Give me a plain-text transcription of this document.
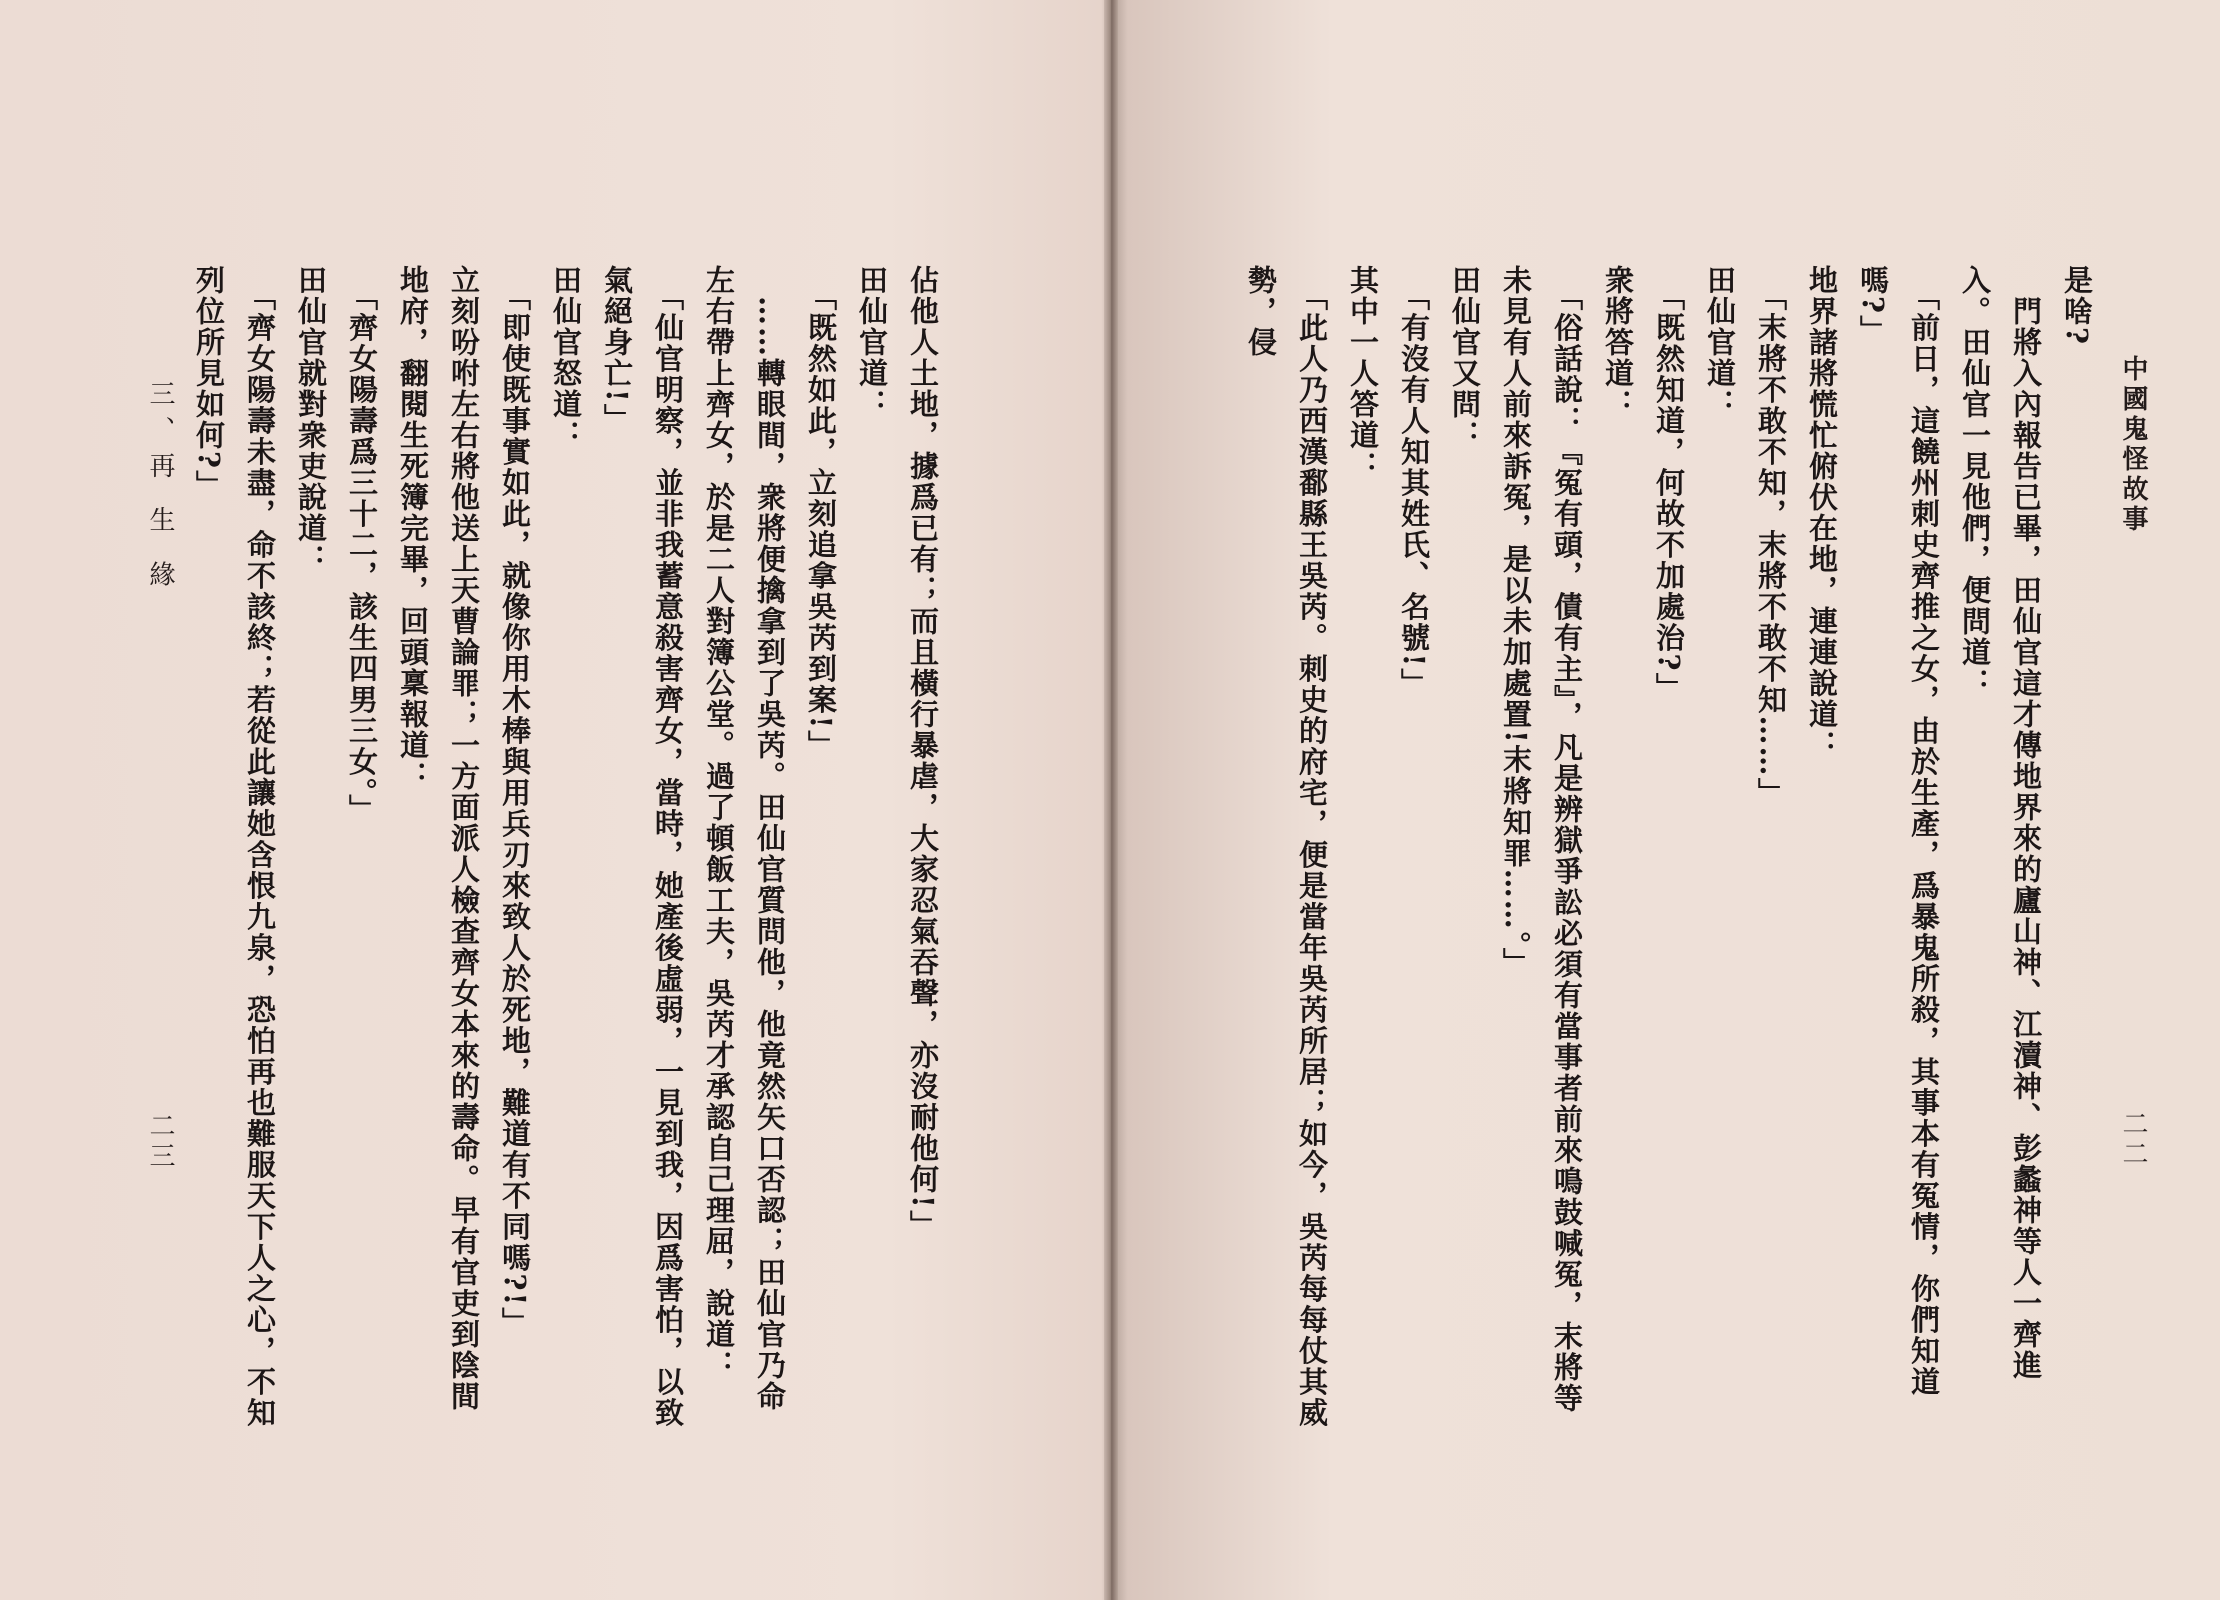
中國鬼怪故事
二二
是啥?
　門將入內報告已畢，田仙官這才傳地界來的廬山神、江瀆神、彭蠡神等人一齊進入。田仙官一見他們，便問道：
　「前日，這饒州刺史齊推之女，由於生產，爲暴鬼所殺，其事本有冤情，你們知道嗎?」
地界諸將慌忙俯伏在地，連連說道：
　「末將不敢不知，末將不敢不知……」
田仙官道：
　「既然知道，何故不加處治?」
衆將答道：
　「俗話說：『冤有頭，債有主』，凡是辨獄爭訟必須有當事者前來鳴鼓喊冤，末將等未見有人前來訴冤，是以未加處置!末將知罪……。」
田仙官又問：
　「有沒有人知其姓氏、名號!」
其中一人答道：
　「此人乃西漢鄱縣王吳芮。刺史的府宅，便是當年吳芮所居；如今，吳芮每每仗其威勢，侵
三、再 生 緣
二三	佔他人土地，據爲已有；而且橫行暴虐，大家忍氣吞聲，亦沒耐他何!」
田仙官道：
　「既然如此，立刻追拿吳芮到案!」
　……轉眼間，衆將便擒拿到了吳芮。田仙官質問他，他竟然矢口否認；田仙官乃命左右帶上齊女，於是二人對簿公堂。過了頓飯工夫，吳芮才承認自己理屈，說道：
　「仙官明察，並非我蓄意殺害齊女，當時，她產後虛弱，一見到我，因爲害怕，以致氣絕身亡!」
田仙官怒道：
　「即使既事實如此，就像你用木棒與用兵刃來致人於死地，難道有不同嗎?!」
立刻吩咐左右將他送上天曹論罪；一方面派人檢查齊女本來的壽命。早有官吏到陰間地府，翻閱生死簿完畢，回頭稟報道：
　「齊女陽壽爲三十二，該生四男三女。」
田仙官就對衆吏說道：
　「齊女陽壽未盡，命不該終；若從此讓她含恨九泉，恐怕再也難服天下人之心，不知列位所見如何?」
